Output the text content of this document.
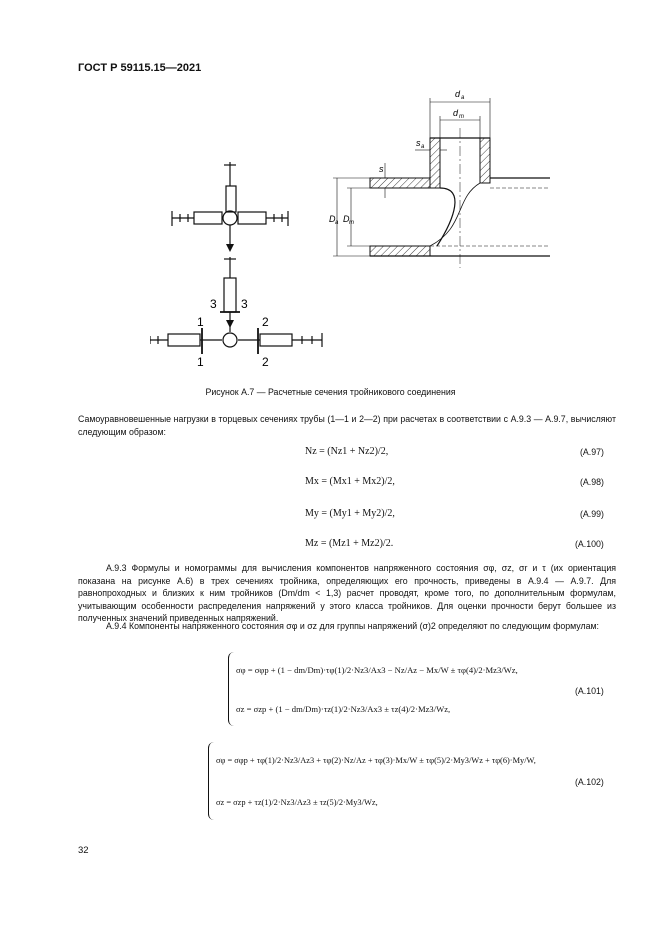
ГОСТ Р 59115.15—2021
3 3
1
1
2
2
d a
d m
s a
s
D a D m
Рисунок А.7 — Расчетные сечения тройникового соединения
Самоуравновешенные нагрузки в торцевых сечениях трубы (1—1 и 2—2) при расчетах в соответствии с А.9.3 — А.9.7, вычисляют следующим образом:
Nz = (Nz1 + Nz2)/2,	(А.97)
Mx = (Mx1 + Mx2)/2,	(А.98)
My = (My1 + My2)/2,	(А.99)
Mz = (Mz1 + Mz2)/2.	(А.100)
А.9.3 Формулы и номограммы для вычисления компонентов напряженного состояния σφ, σz, σr и τ (их ориентация показана на рисунке А.6) в трех сечениях тройника, определяющих его прочность, приведены в А.9.4 — А.9.7. Для равнопроходных и близких к ним тройников (Dm/dm < 1,3) расчет проводят, кроме того, по дополнительным формулам, учитывающим особенности распределения напряжений у этого класса тройников. Для оценки прочности берут большее из полученных значений приведенных напряжений.
А.9.4 Компоненты напряженного состояния σφ и σz для группы напряжений (σ)2 определяют по следующим формулам:
σφ = σφp + (1 − dm/Dm)·τφ(1)/2·Nz3/Ax3 − Nz/Az − Mx/W ± τφ(4)/2·Mz3/Wz,
σz = σzp + (1 − dm/Dm)·τz(1)/2·Nz3/Ax3 ± τz(4)/2·Mz3/Wz,
(А.101)
σφ = σφp + τφ(1)/2·Nz3/Az3 + τφ(2)·Nz/Az + τφ(3)·Mx/W ± τφ(5)/2·My3/Wz + τφ(6)·My/W,
σz = σzp + τz(1)/2·Nz3/Az3 ± τz(5)/2·My3/Wz,
(А.102)
32
